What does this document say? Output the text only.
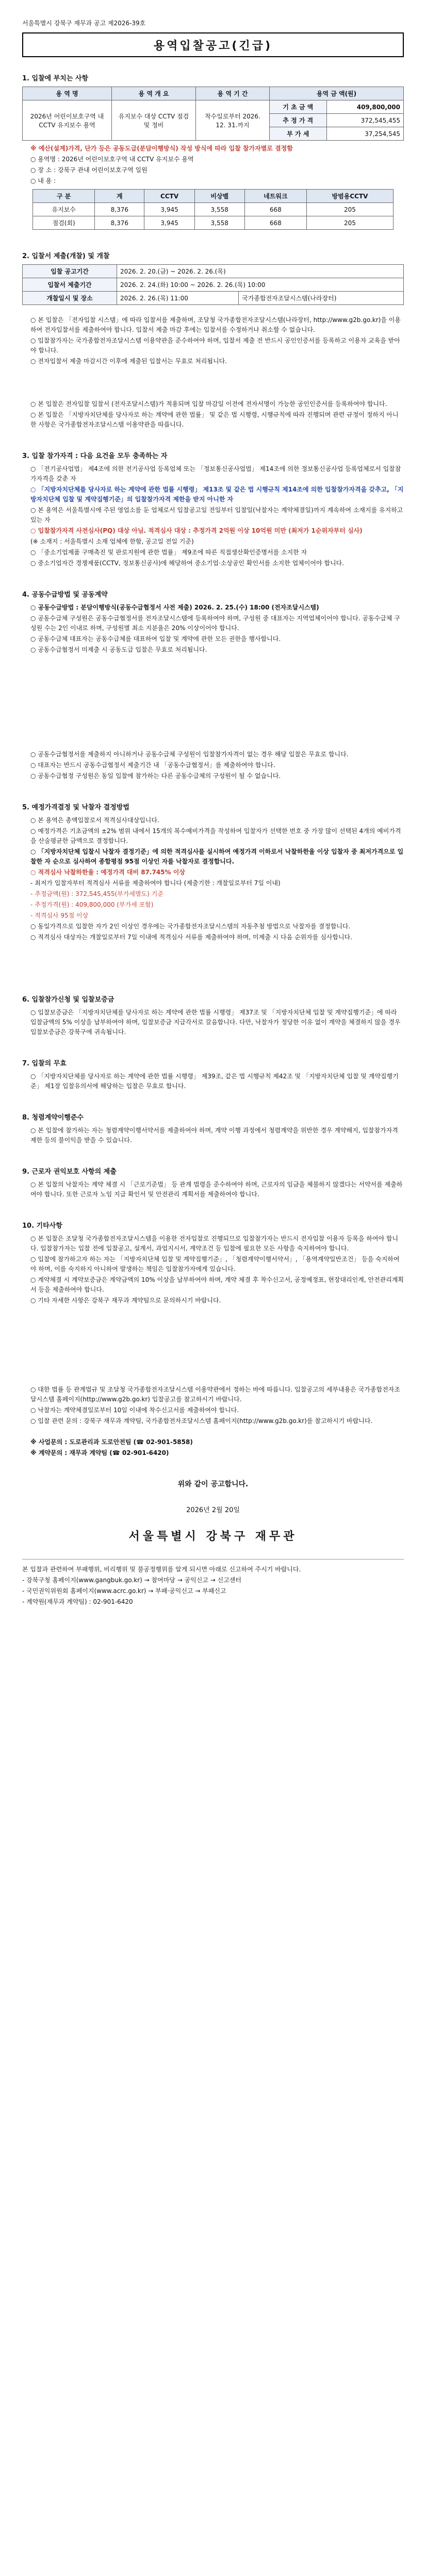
서울특별시 강북구 재무과 공고 제2026-39호
용역입찰공고(긴급)
1. 입찰에 부치는 사항
용 역 명	용 역 개 요	용 역 기 간	용역 금 액(원)	
2026년 어린이보호구역 내 CCTV 유지보수 용역	유지보수 대상 CCTV 점검 및 정비	착수일로부터 2026. 12. 31.까지	기 초 금 액	409,800,000
			추 정 가 격	372,545,455
			부 가 세	37,254,545
※ 예산(설계)가격, 단가 등은 공동도급(분담이행방식) 작성 방식에 따라 입찰 참가자별로 결정함
○ 용역명 : 2026년 어린이보호구역 내 CCTV 유지보수 용역
○ 장 소 : 강북구 관내 어린이보호구역 일원
○ 내 용 :
구 분	계	CCTV	비상벨	네트워크	방범용CCTV
유지보수	8,376	3,945	3,558	668	205
점검(회)	8,376	3,945	3,558	668	205
2. 입찰서 제출(개찰) 및 개찰
입찰 공고기간	2026. 2. 20.(금) ~ 2026. 2. 26.(목)	
입찰서 제출기간	2026. 2. 24.(화) 10:00 ~ 2026. 2. 26.(목) 10:00	
개찰일시 및 장소	2026. 2. 26.(목) 11:00	국가종합전자조달시스템(나라장터)
○ 본 입찰은 「전자입찰 시스템」에 따라 입찰서를 제출하며, 조달청 국가종합전자조달시스템(나라장터, http://www.g2b.go.kr)을 이용하여 전자입찰서를 제출하여야 합니다. 입찰서 제출 마감 후에는 입찰서를 수정하거나 취소할 수 없습니다.
○ 입찰참가자는 국가종합전자조달시스템 이용약관을 준수하여야 하며, 입찰서 제출 전 반드시 공인인증서를 등록하고 이용자 교육을 받아야 합니다.
○ 전자입찰서 제출 마감시간 이후에 제출된 입찰서는 무효로 처리됩니다.
○ 본 입찰은 전자입찰 입찰서 (전자조달시스템)가 적용되며 입찰 마감일 이전에 전자서명이 가능한 공인인증서를 등록하여야 합니다.
○ 본 입찰은 「지방자치단체를 당사자로 하는 계약에 관한 법률」 및 같은 법 시행령, 시행규칙에 따라 진행되며 관련 규정이 정하지 아니한 사항은 국가종합전자조달시스템 이용약관을 따릅니다.
3. 입찰 참가자격 : 다음 요건을 모두 충족하는 자
○ 「전기공사업법」 제4조에 의한 전기공사업 등록업체 또는 「정보통신공사업법」 제14조에 의한 정보통신공사업 등록업체로서 입찰참가자격을 갖춘 자
○ 「지방자치단체를 당사자로 하는 계약에 관한 법률 시행령」 제13조 및 같은 법 시행규칙 제14조에 의한 입찰참가자격을 갖추고, 「지방자치단체 입찰 및 계약집행기준」의 입찰참가자격 제한을 받지 아니한 자
○ 본 용역은 서울특별시에 주된 영업소를 둔 업체로서 입찰공고일 전일부터 입찰일(낙찰자는 계약체결일)까지 계속하여 소재지를 유지하고 있는 자
○ 입찰참가자격 사전심사(PQ) 대상 아님. 적격심사 대상 : 추정가격 2억원 이상 10억원 미만 (최저가 1순위자부터 심사)
(※ 소재지 : 서울특별시 소재 업체에 한함, 공고일 전일 기준)
○ 「중소기업제품 구매촉진 및 판로지원에 관한 법률」 제9조에 따른 직접생산확인증명서를 소지한 자
○ 중소기업자간 경쟁제품(CCTV, 정보통신공사)에 해당하여 중소기업·소상공인 확인서를 소지한 업체이어야 합니다.
4. 공동수급방법 및 공동계약
○ 공동수급방법 : 분담이행방식(공동수급협정서 사전 제출) 2026. 2. 25.(수) 18:00 (전자조달시스템)
○ 공동수급체 구성원은 공동수급협정서를 전자조달시스템에 등록하여야 하며, 구성원 중 대표자는 지역업체이어야 합니다. 공동수급체 구성원 수는 2인 이내로 하며, 구성원별 최소 지분율은 20% 이상이어야 합니다.
○ 공동수급체 대표자는 공동수급체를 대표하여 입찰 및 계약에 관한 모든 권한을 행사합니다.
○ 공동수급협정서 미제출 시 공동도급 입찰은 무효로 처리됩니다.
○ 공동수급협정서를 제출하지 아니하거나 공동수급체 구성원이 입찰참가자격이 없는 경우 해당 입찰은 무효로 합니다.
○ 대표자는 반드시 공동수급협정서 제출기간 내 「공동수급협정서」를 제출하여야 합니다.
○ 공동수급협정 구성원은 동일 입찰에 참가하는 다른 공동수급체의 구성원이 될 수 없습니다.
5. 예정가격결정 및 낙찰자 결정방법
○ 본 용역은 총액입찰로서 적격심사대상입니다.
○ 예정가격은 기초금액의 ±2% 범위 내에서 15개의 복수예비가격을 작성하여 입찰자가 선택한 번호 중 가장 많이 선택된 4개의 예비가격을 산술평균한 금액으로 결정합니다.
○ 「지방자치단체 입찰시 낙찰자 결정기준」에 의한 적격심사를 실시하여 예정가격 이하로서 낙찰하한율 이상 입찰자 중 최저가격으로 입찰한 자 순으로 심사하여 종합평점 95점 이상인 자를 낙찰자로 결정합니다.
○ 적격심사 낙찰하한율 : 예정가격 대비 87.745% 이상
- 최저가 입찰자부터 적격심사 서류를 제출하여야 합니다 (제출기한 : 개찰일로부터 7일 이내)
- 추정금액(원) : 372,545,455(부가세별도) 기준
- 추정가격(원) : 409,800,000 (부가세 포함)
- 적격심사 95점 이상
○ 동일가격으로 입찰한 자가 2인 이상인 경우에는 국가종합전자조달시스템의 자동추첨 방법으로 낙찰자를 결정합니다.
○ 적격심사 대상자는 개찰일로부터 7일 이내에 적격심사 서류를 제출하여야 하며, 미제출 시 다음 순위자를 심사합니다.
6. 입찰참가신청 및 입찰보증금
○ 입찰보증금은 「지방자치단체를 당사자로 하는 계약에 관한 법률 시행령」 제37조 및 「지방자치단체 입찰 및 계약집행기준」에 따라 입찰금액의 5% 이상을 납부하여야 하며, 입찰보증금 지급각서로 갈음합니다. 다만, 낙찰자가 정당한 이유 없이 계약을 체결하지 않을 경우 입찰보증금은 강북구에 귀속됩니다.
7. 입찰의 무효
○ 「지방자치단체를 당사자로 하는 계약에 관한 법률 시행령」 제39조, 같은 법 시행규칙 제42조 및 「지방자치단체 입찰 및 계약집행기준」 제1장 입찰유의서에 해당하는 입찰은 무효로 합니다.
8. 청렴계약이행준수
○ 본 입찰에 참가하는 자는 청렴계약이행서약서를 제출하여야 하며, 계약 이행 과정에서 청렴계약을 위반한 경우 계약해지, 입찰참가자격 제한 등의 불이익을 받을 수 있습니다.
9. 근로자 권익보호 사항의 제출
○ 본 입찰의 낙찰자는 계약 체결 시 「근로기준법」 등 관계 법령을 준수하여야 하며, 근로자의 임금을 체불하지 않겠다는 서약서를 제출하여야 합니다. 또한 근로자 노임 지급 확인서 및 안전관리 계획서를 제출하여야 합니다.
10. 기타사항
○ 본 입찰은 조달청 국가종합전자조달시스템을 이용한 전자입찰로 진행되므로 입찰참가자는 반드시 전자입찰 이용자 등록을 하여야 합니다. 입찰참가자는 입찰 전에 입찰공고, 설계서, 과업지시서, 계약조건 등 입찰에 필요한 모든 사항을 숙지하여야 합니다.
○ 입찰에 참가하고자 하는 자는 「지방자치단체 입찰 및 계약집행기준」, 「청렴계약이행서약서」, 「용역계약일반조건」 등을 숙지하여야 하며, 이를 숙지하지 아니하여 발생하는 책임은 입찰참가자에게 있습니다.
○ 계약체결 시 계약보증금은 계약금액의 10% 이상을 납부하여야 하며, 계약 체결 후 착수신고서, 공정예정표, 현장대리인계, 안전관리계획서 등을 제출하여야 합니다.
○ 기타 자세한 사항은 강북구 재무과 계약팀으로 문의하시기 바랍니다.
○ 대한 법률 등 관계법규 및 조달청 국가종합전자조달시스템 이용약관에서 정하는 바에 따릅니다. 입찰공고의 세부내용은 국가종합전자조달시스템 홈페이지(http://www.g2b.go.kr) 입찰공고를 참고하시기 바랍니다.
○ 낙찰자는 계약체결일로부터 10일 이내에 착수신고서를 제출하여야 합니다.
○ 입찰 관련 문의 : 강북구 재무과 계약팀, 국가종합전자조달시스템 홈페이지(http://www.g2b.go.kr)를 참고하시기 바랍니다.
※ 사업문의 : 도로관리과 도로안전팀 (☎ 02-901-5858)
※ 계약문의 : 재무과 계약팀 (☎ 02-901-6420)
위와 같이 공고합니다.
2026년 2월 20일
서울특별시 강북구 재무관
본 입찰과 관련하여 부패행위, 비리행위 및 불공정행위를 알게 되시면 아래로 신고하여 주시기 바랍니다.
- 강북구청 홈페이지(www.gangbuk.go.kr) → 참여마당 → 공익신고 → 신고센터
- 국민권익위원회 홈페이지(www.acrc.go.kr) → 부패·공익신고 → 부패신고
- 계약원(재무과 계약팀) : 02-901-6420
